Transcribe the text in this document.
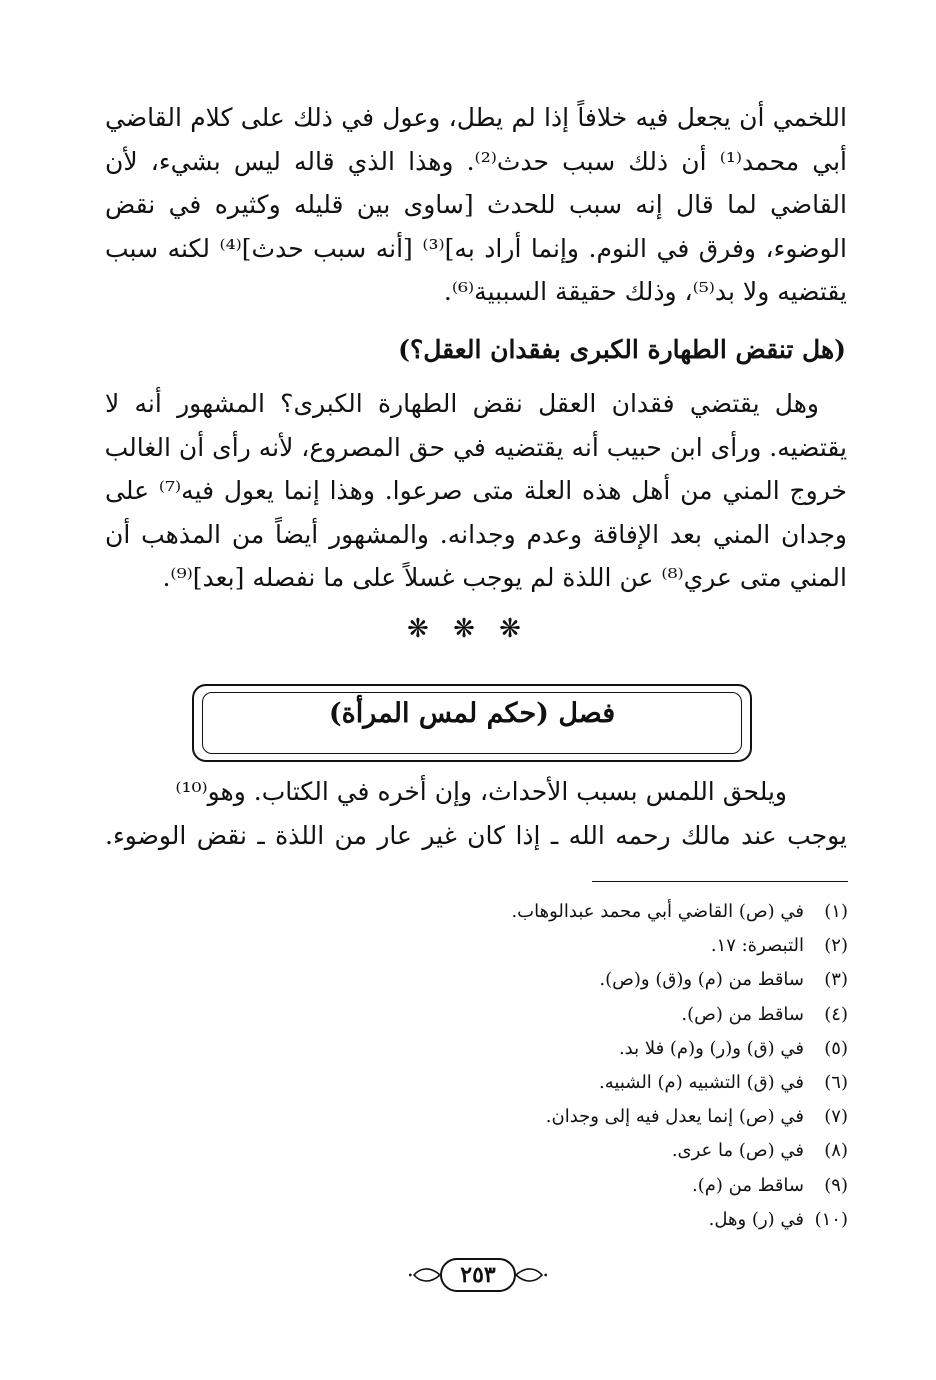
اللخمي أن يجعل فيه خلافاً إذا لم يطل، وعول في ذلك على كلام القاضي
أبي محمد⁽¹⁾ أن ذلك سبب حدث⁽²⁾. وهذا الذي قاله ليس بشيء، لأن
القاضي لما قال إنه سبب للحدث [ساوى بين قليله وكثيره في نقض
الوضوء، وفرق في النوم. وإنما أراد به]⁽³⁾ [أنه سبب حدث]⁽⁴⁾ لكنه سبب
يقتضيه ولا بد⁽⁵⁾، وذلك حقيقة السببية⁽⁶⁾.
(هل تنقض الطهارة الكبرى بفقدان العقل؟)
وهل يقتضي فقدان العقل نقض الطهارة الكبرى؟ المشهور أنه لا
يقتضيه. ورأى ابن حبيب أنه يقتضيه في حق المصروع، لأنه رأى أن الغالب
خروج المني من أهل هذه العلة متى صرعوا. وهذا إنما يعول فيه⁽⁷⁾ على
وجدان المني بعد الإفاقة وعدم وجدانه. والمشهور أيضاً من المذهب أن
المني متى عري⁽⁸⁾ عن اللذة لم يوجب غسلاً على ما نفصله [بعد]⁽⁹⁾.
❋ ❋ ❋
فصل (حكم لمس المرأة)
ويلحق اللمس بسبب الأحداث، وإن أخره في الكتاب. وهو⁽¹⁰⁾
يوجب عند مالك رحمه الله ـ إذا كان غير عار من اللذة ـ نقض الوضوء.
(١)في (ص) القاضي أبي محمد عبدالوهاب.
(٢)التبصرة: ١٧.
(٣)ساقط من (م) و(ق) و(ص).
(٤)ساقط من (ص).
(٥)في (ق) و(ر) و(م) فلا بد.
(٦)في (ق) التشبيه (م) الشبيه.
(٧)في (ص) إنما يعدل فيه إلى وجدان.
(٨)في (ص) ما عرى.
(٩)ساقط من (م).
(١٠)في (ر) وهل.
٢٥٣
